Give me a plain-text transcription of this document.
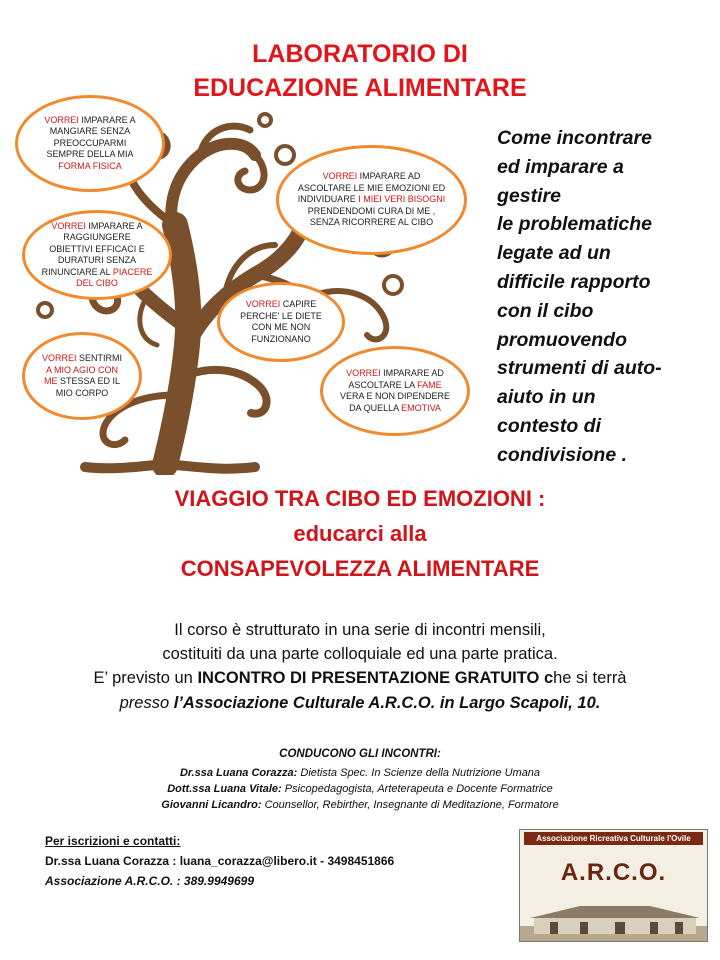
LABORATORIO DI
EDUCAZIONE ALIMENTARE
VORREI IMPARARE A MANGIARE SENZA PREOCCUPARMI SEMPRE DELLA MIA FORMA FISICA
VORREI IMPARARE AD ASCOLTARE LE MIE EMOZIONI ED INDIVIDUARE I MIEI VERI BISOGNI PRENDENDOMI CURA DI ME , SENZA RICORRERE AL CIBO
VORREI IMPARARE A RAGGIUNGERE OBIETTIVI EFFICACI E DURATURI SENZA RINUNCIARE AL PIACERE DEL CIBO
VORREI CAPIRE PERCHE' LE DIETE CON ME NON FUNZIONANO
VORREI SENTIRMI A MIO AGIO CON ME STESSA ED IL MIO CORPO
VORREI IMPARARE AD ASCOLTARE LA FAME VERA E NON DIPENDERE DA QUELLA EMOTIVA
Come incontrare
ed imparare a
gestire
le problematiche
legate ad un
difficile rapporto
con il cibo
promuovendo
strumenti di auto-
aiuto in un
contesto di
condivisione .
VIAGGIO TRA CIBO ED EMOZIONI :
educarci alla
CONSAPEVOLEZZA ALIMENTARE
Il corso è strutturato in una serie di incontri mensili,
costituiti da una parte colloquiale ed una parte pratica.
E’ previsto un INCONTRO DI PRESENTAZIONE GRATUITO che si terrà
presso l’Associazione Culturale A.R.C.O. in Largo Scapoli, 10.
CONDUCONO GLI INCONTRI:
Dr.ssa Luana Corazza: Dietista Spec. In Scienze della Nutrizione Umana
Dott.ssa Luana Vitale: Psicopedagogista, Arteterapeuta e Docente Formatrice
Giovanni Licandro: Counsellor, Rebirther, Insegnante di Meditazione, Formatore
Per iscrizioni e contatti:
Dr.ssa Luana Corazza : luana_corazza@libero.it - 3498451866
Associazione A.R.C.O. : 389.9949699
Associazione Ricreativa Culturale l'Ovile
A.R.C.O.
